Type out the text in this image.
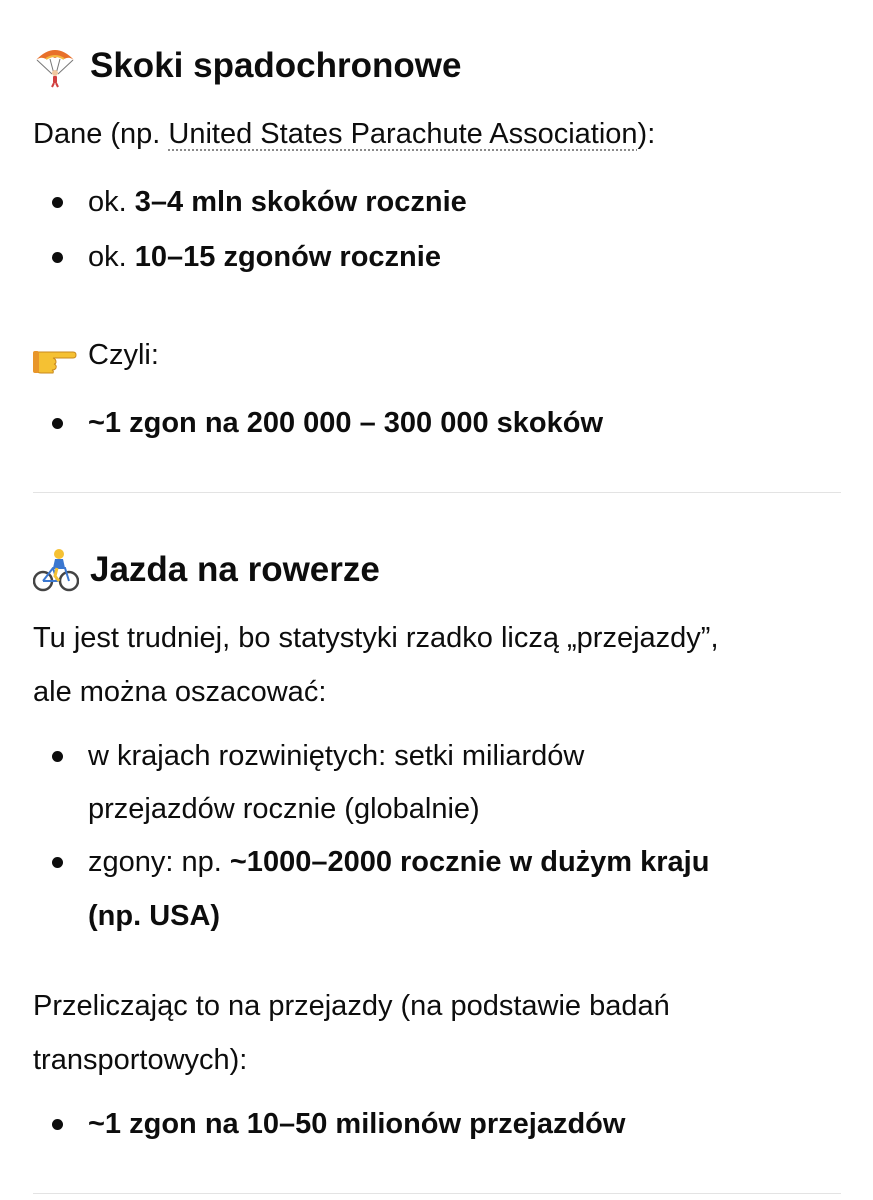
Skoki spadochronowe
Dane (np. United States Parachute Association):
ok. 3–4 mln skoków rocznie
ok. 10–15 zgonów rocznie
Czyli:
~1 zgon na 200 000 – 300 000 skoków
Jazda na rowerze
Tu jest trudniej, bo statystyki rzadko liczą „przejazdy”,
ale można oszacować:
w krajach rozwiniętych: setki miliardów
przejazdów rocznie (globalnie)
zgony: np. ~1000–2000 rocznie w dużym kraju
(np. USA)
Przeliczając to na przejazdy (na podstawie badań
transportowych):
~1 zgon na 10–50 milionów przejazdów
